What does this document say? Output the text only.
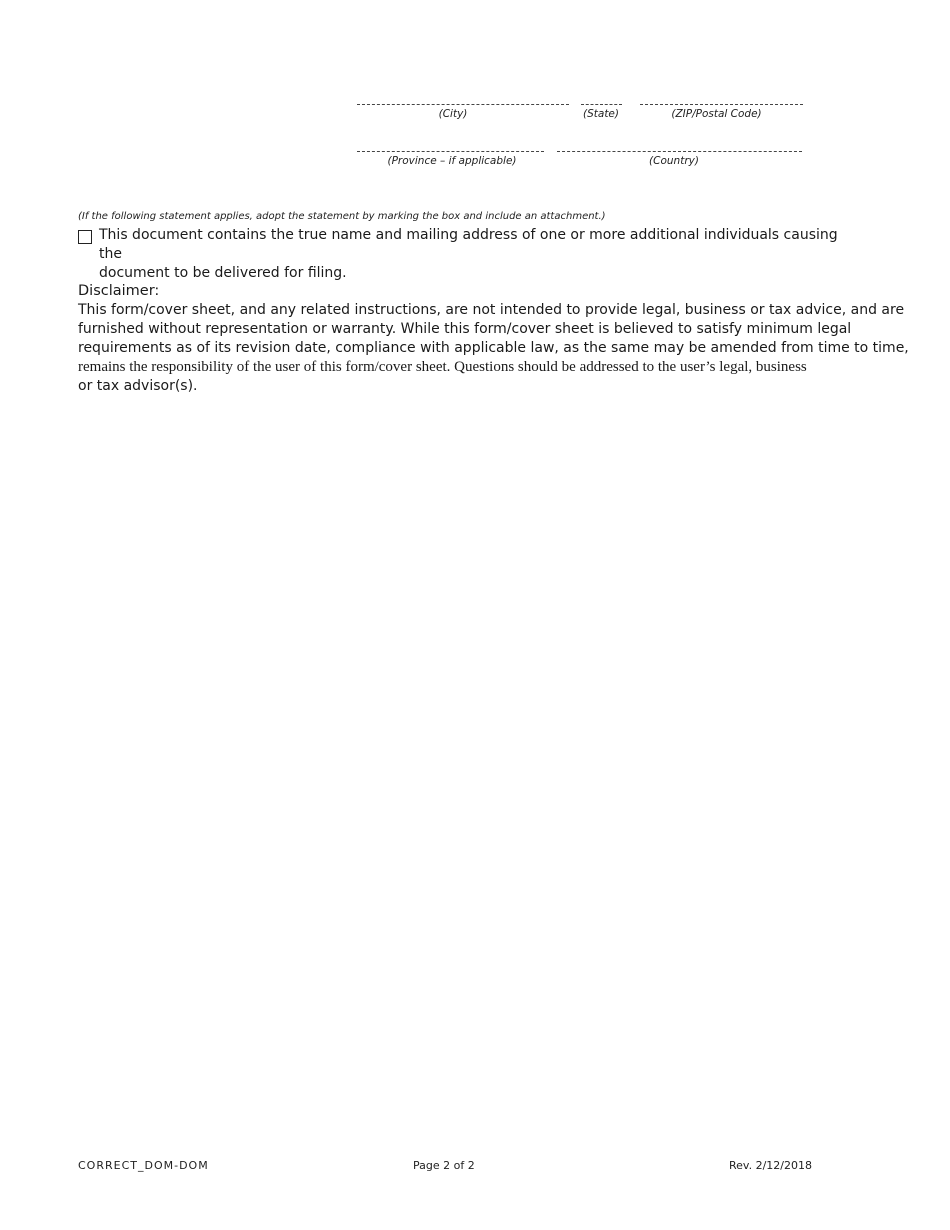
(City)	(State)	(ZIP/Postal Code)
(Province – if applicable)	(Country)
(If the following statement applies, adopt the statement by marking the box and include an attachment.)
This document contains the true name and mailing address of one or more additional individuals causing the
document to be delivered for filing.
Disclaimer:
This form/cover sheet, and any related instructions, are not intended to provide legal, business or tax advice, and are
furnished without representation or warranty. While this form/cover sheet is believed to satisfy minimum legal
requirements as of its revision date, compliance with applicable law, as the same may be amended from time to time,
remains the responsibility of the user of this form/cover sheet. Questions should be addressed to the user’s legal, business
or tax advisor(s).
CORRECT_DOM-DOM	Page 2 of 2	Rev. 2/12/2018
